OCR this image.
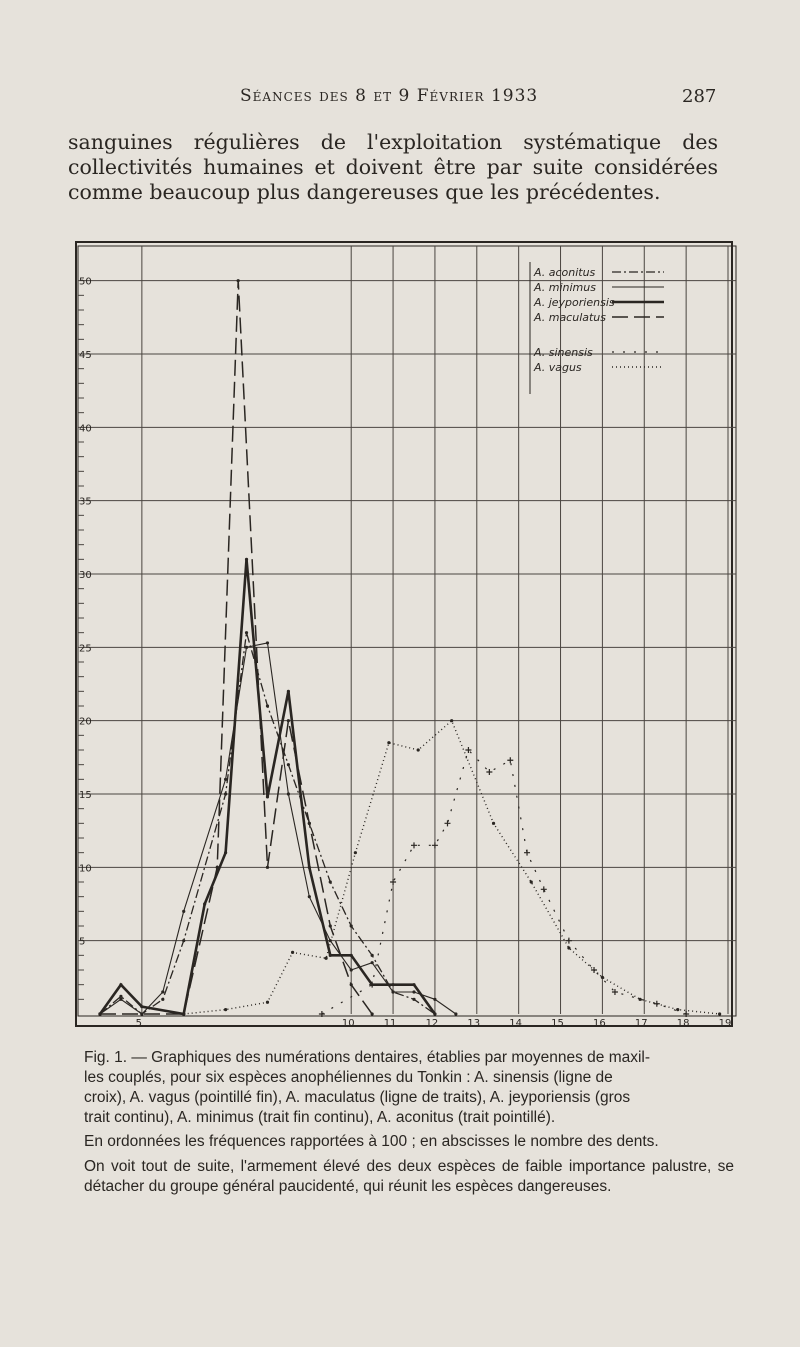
Séances des 8 et 9 Février 1933	287
sanguines régulières de l'exploitation systématique des collectivités humaines et doivent être par suite considérées comme beaucoup plus dangereuses que les précédentes.
5	10	11	12	13	14	15	16	17	18	19
5
10
15
20
25
30
35
40
45
50
A. aconitus
A. minimus
A. jeyporiensis
A. maculatus
A. sinensis
A. vagus
Fig. 1. — Graphiques des numérations dentaires, établies par moyennes de maxil-
les couplés, pour six espèces anophéliennes du Tonkin : A. sinensis (ligne de
croix), A. vagus (pointillé fin), A. maculatus (ligne de traits), A. jeyporiensis (gros
trait continu), A. minimus (trait fin continu), A. aconitus (trait pointillé).
En ordonnées les fréquences rapportées à 100 ; en abscisses le nombre des dents.
On voit tout de suite, l'armement élevé des deux espèces de faible importance palustre, se détacher du groupe général paucidenté, qui réunit les espèces dangereuses.
